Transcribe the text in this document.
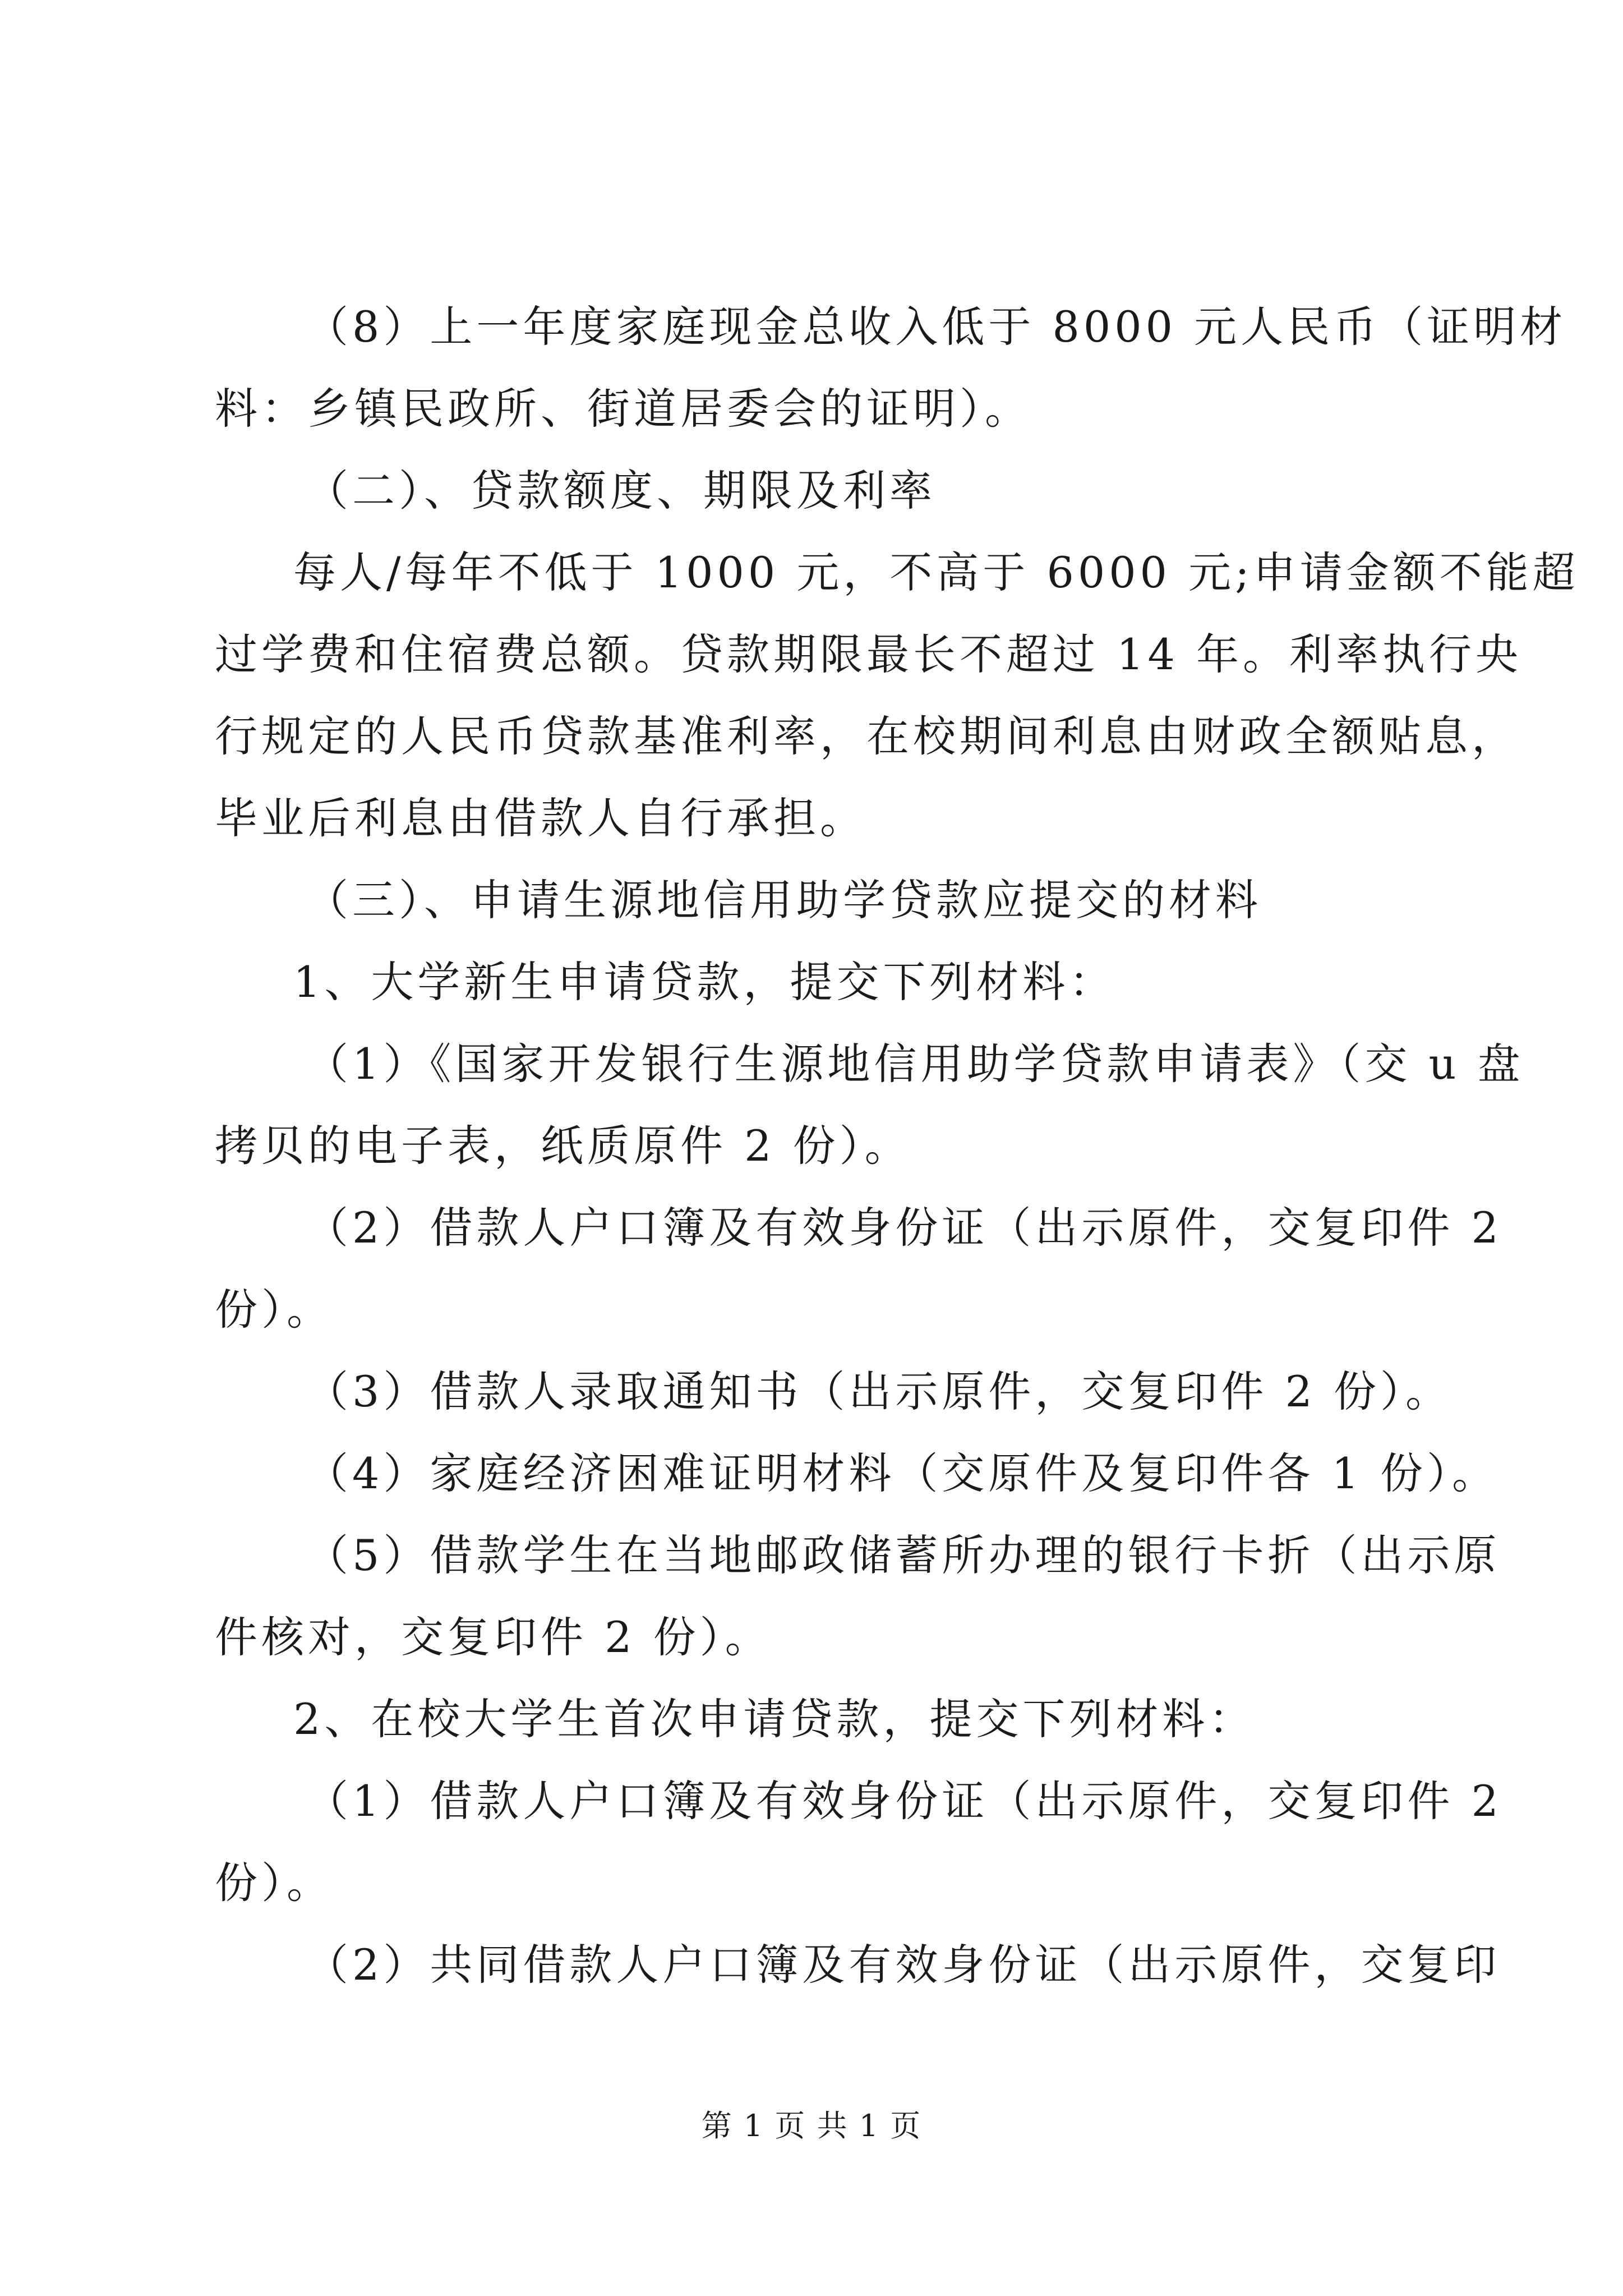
（8）上一年度家庭现金总收入低于 8000 元人民币（证明材
料：乡镇民政所、街道居委会的证明）。
（二）、贷款额度、期限及利率
每人/每年不低于 1000 元，不高于 6000 元;申请金额不能超
过学费和住宿费总额。贷款期限最长不超过 14 年。利率执行央
行规定的人民币贷款基准利率，在校期间利息由财政全额贴息，
毕业后利息由借款人自行承担。
（三）、申请生源地信用助学贷款应提交的材料
1、大学新生申请贷款，提交下列材料：
（1）《国家开发银行生源地信用助学贷款申请表》（交 u 盘
拷贝的电子表，纸质原件 2 份）。
（2）借款人户口簿及有效身份证（出示原件，交复印件 2
份）。
（3）借款人录取通知书（出示原件，交复印件 2 份）。
（4）家庭经济困难证明材料（交原件及复印件各 1 份）。
（5）借款学生在当地邮政储蓄所办理的银行卡折（出示原
件核对，交复印件 2 份）。
2、在校大学生首次申请贷款，提交下列材料：
（1）借款人户口簿及有效身份证（出示原件，交复印件 2
份）。
（2）共同借款人户口簿及有效身份证（出示原件，交复印
第 1 页 共 1 页
